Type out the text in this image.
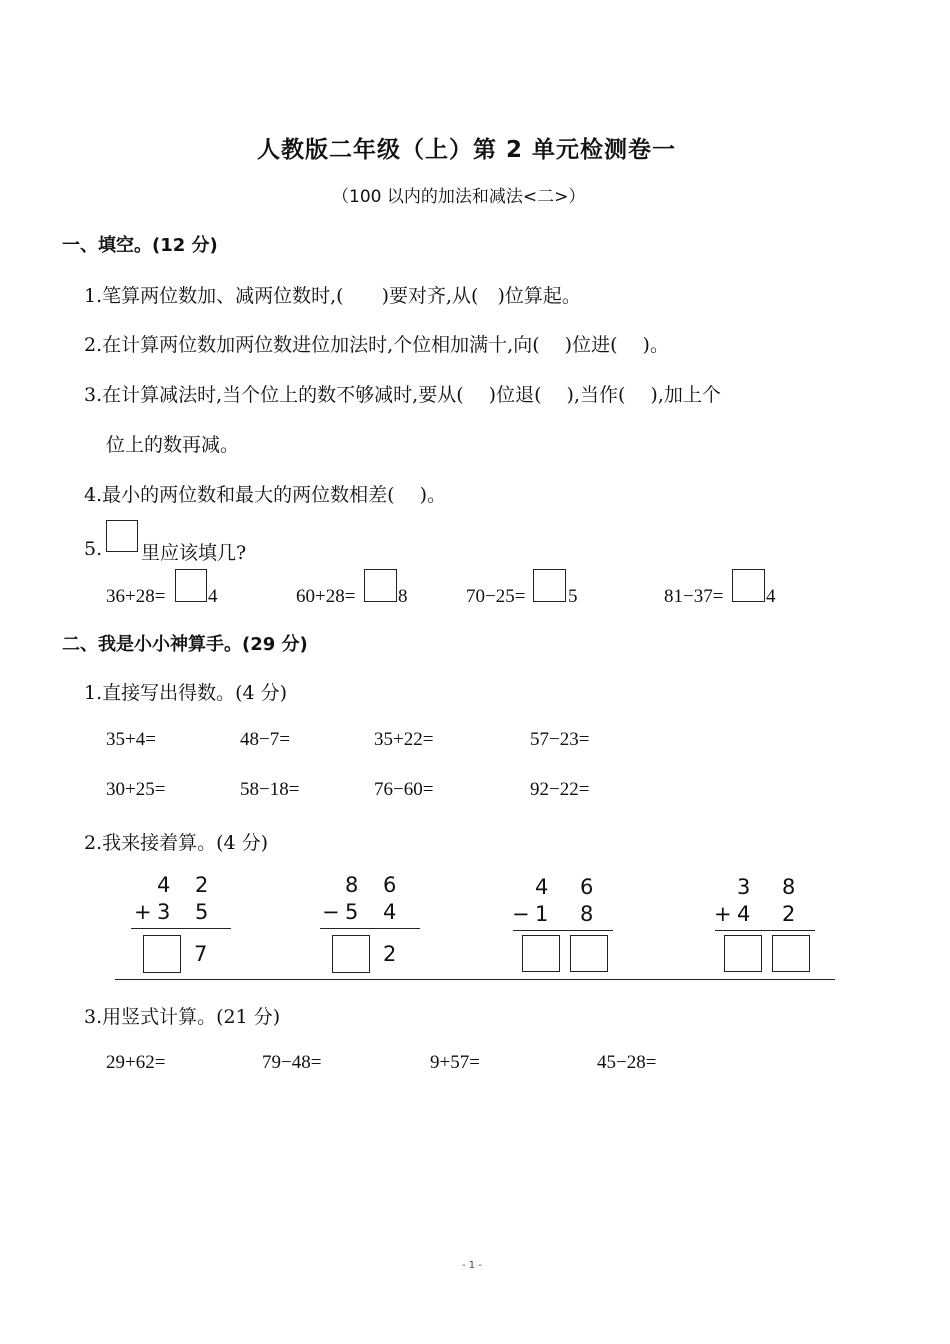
人教版二年级（上）第 2 单元检测卷一
（100 以内的加法和减法<二>）
一、填空。(12 分)
1.笔算两位数加、减两位数时,(　　)要对齐,从(　)位算起。
2.在计算两位数加两位数进位加法时,个位相加满十,向(　 )位进(　 )。
3.在计算减法时,当个位上的数不够减时,要从(　 )位退(　 ),当作(　 ),加上个
位上的数再减。
4.最小的两位数和最大的两位数相差(　 )。
5. 里应该填几?
36+28= 4	60+28= 8	70−25= 5	81−37= 4
二、我是小小神算手。(29 分)
1.直接写出得数。(4 分)
35+4=	48−7=	35+22=	57−23=
30+25=	58−18=	76−60=	92−22=
2.我来接着算。(4 分)
4 2
+ 3 5
7
8 6
− 5 4
2
4 6
− 1 8
3 8
+ 4 2
3.用竖式计算。(21 分)
29+62=	79−48=	9+57=	45−28=
- 1 -
